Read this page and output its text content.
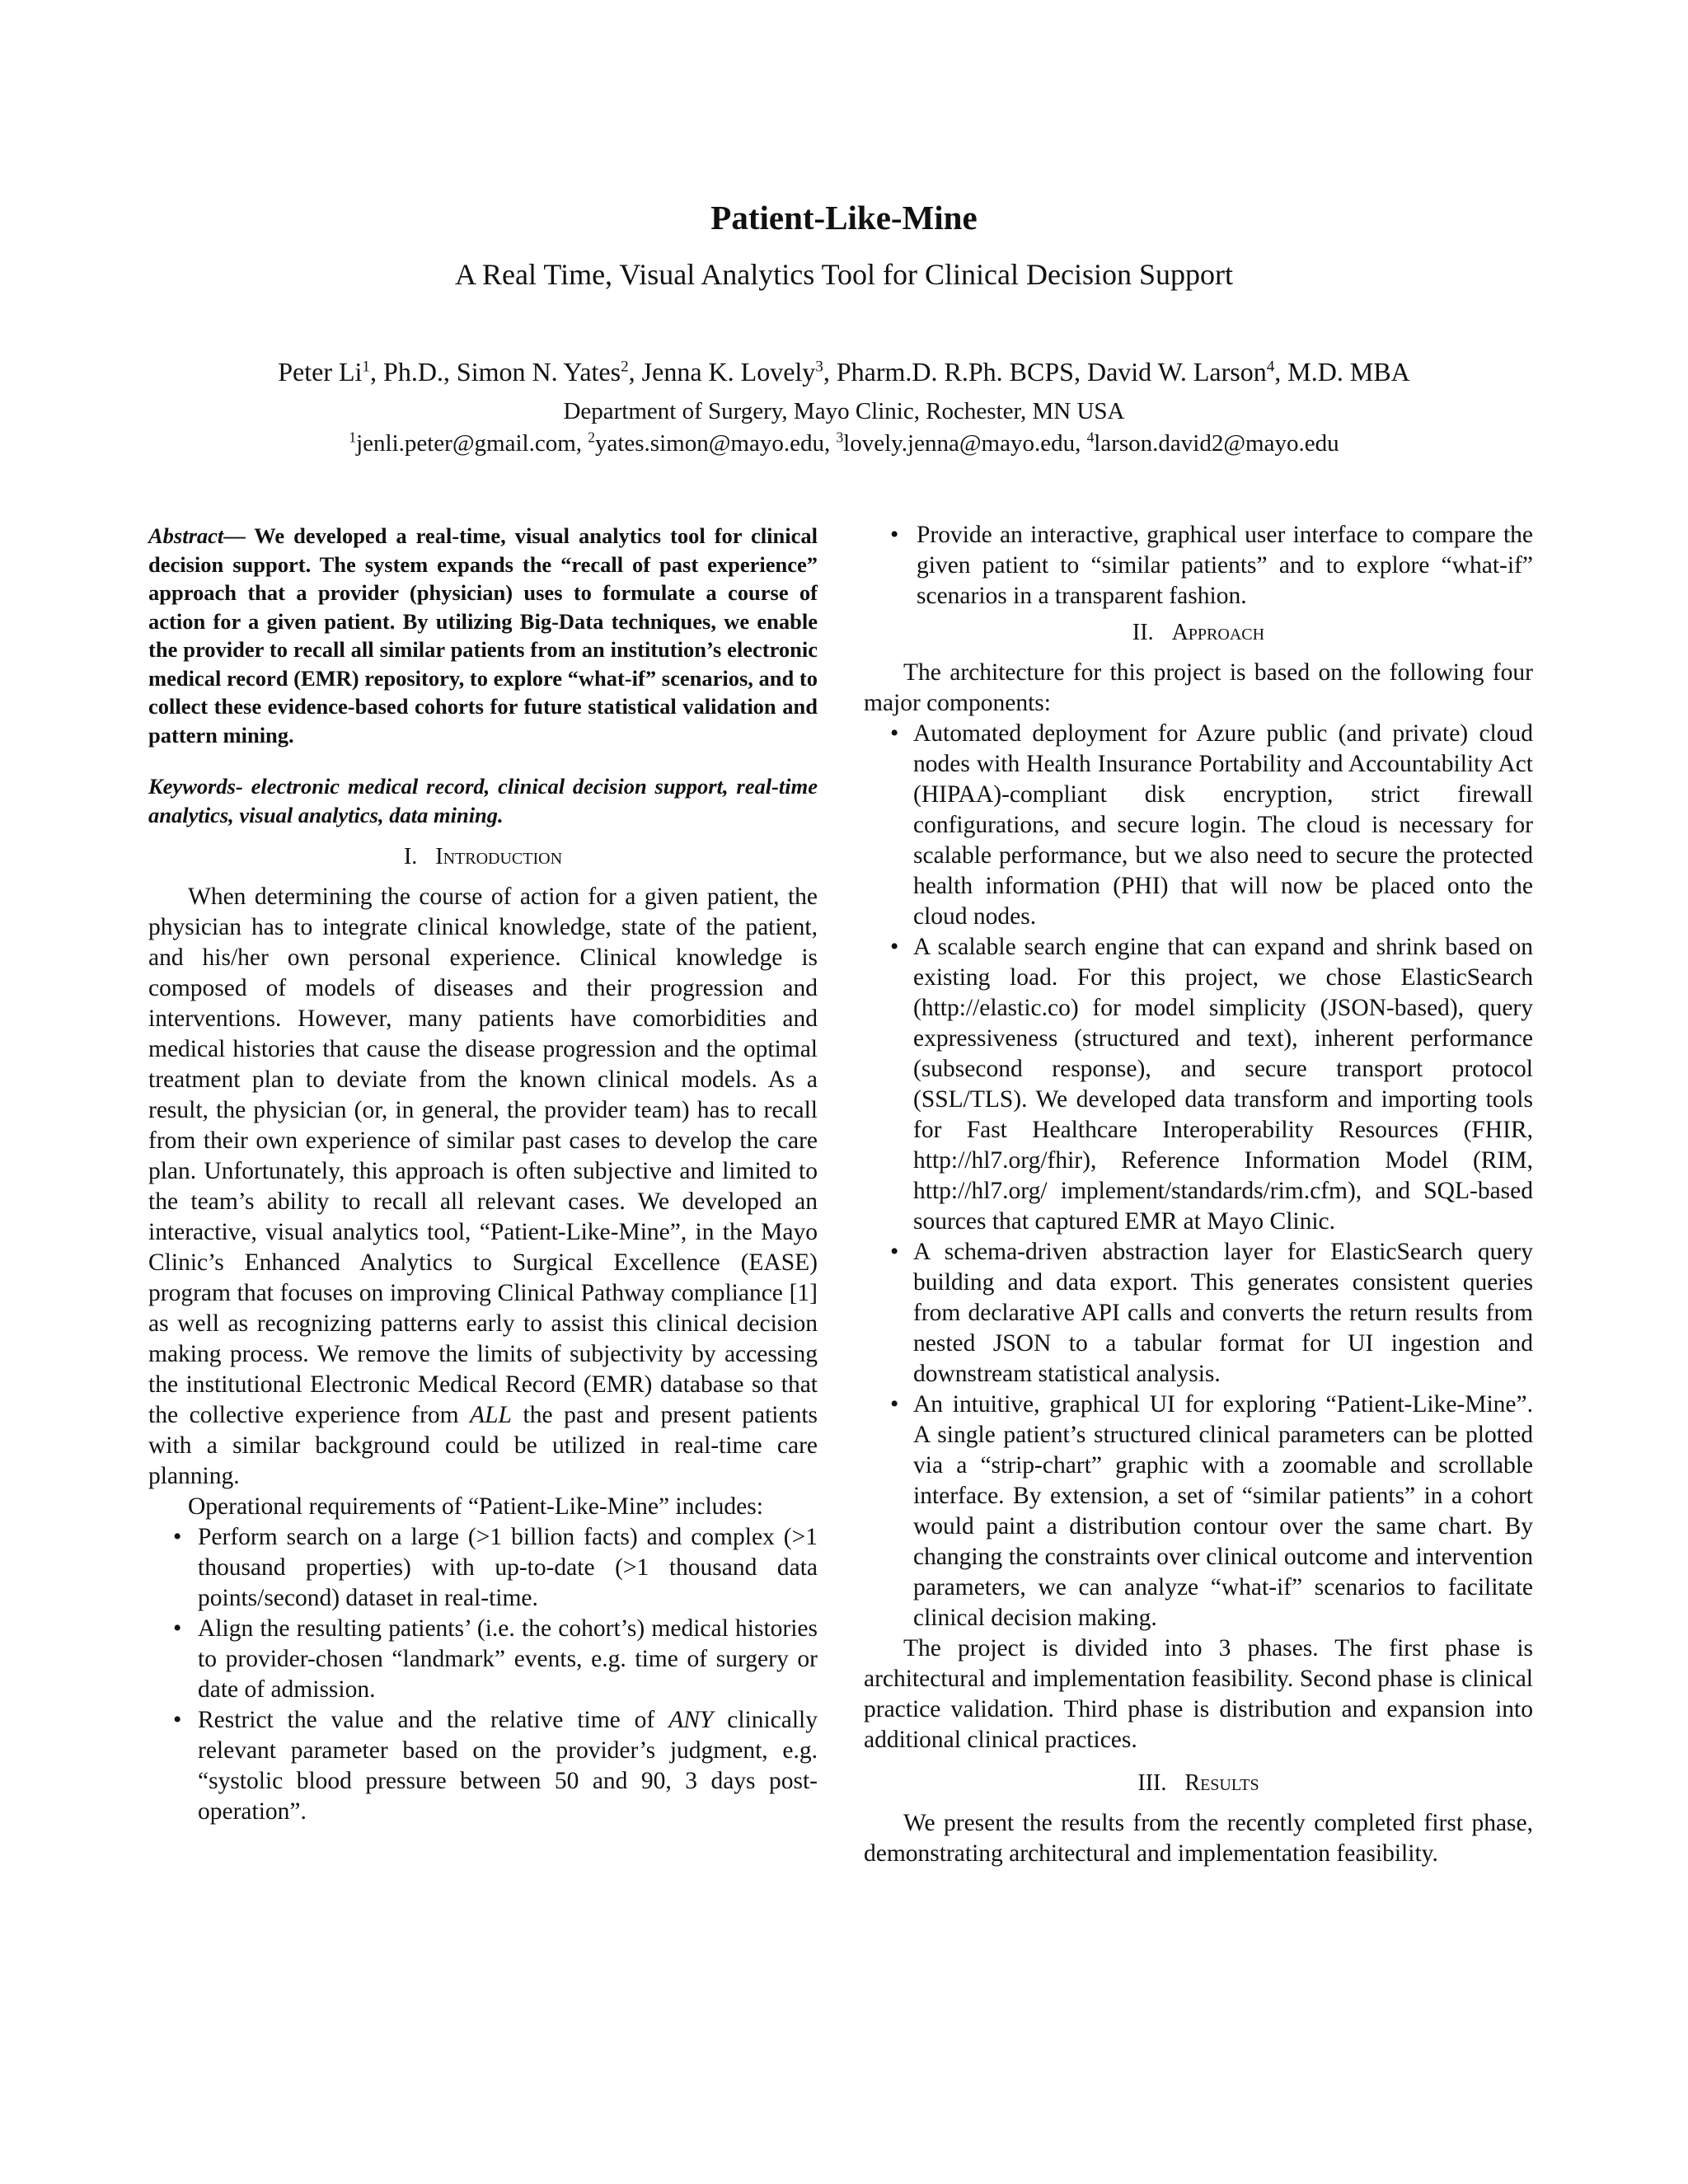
Patient-Like-Mine
A Real Time, Visual Analytics Tool for Clinical Decision Support
Peter Li$^1$, Ph.D., Simon N. Yates$^2$, Jenna K. Lovely$^3$, Pharm.D. R.Ph. BCPS, David W. Larson$^4$, M.D. MBA
Department of Surgery, Mayo Clinic, Rochester, MN USA
$^1$jenli.peter@gmail.com, $^2$yates.simon@mayo.edu, $^3$lovely.jenna@mayo.edu, $^4$larson.david2@mayo.edu

Abstract— We developed a real-time, visual analytics tool for clinical decision support. The system expands the “recall of past experience” approach that a provider (physician) uses to formulate a course of action for a given patient. By utilizing Big-Data techniques, we enable the provider to recall all similar patients from an institution’s electronic medical record (EMR) repository, to explore “what-if” scenarios, and to collect these evidence-based cohorts for future statistical validation and pattern mining.

Keywords- electronic medical record, clinical decision support, real-time analytics, visual analytics, data mining.

I. Introduction

When determining the course of action for a given patient, the physician has to integrate clinical knowledge, state of the patient, and his/her own personal experience. Clinical knowledge is composed of models of diseases and their progression and interventions. However, many patients have comorbidities and medical histories that cause the disease progression and the optimal treatment plan to deviate from the known clinical models. As a result, the physician (or, in general, the provider team) has to recall from their own experience of similar past cases to develop the care plan. Unfortunately, this approach is often subjective and limited to the team’s ability to recall all relevant cases. We developed an interactive, visual analytics tool, “Patient-Like-Mine”, in the Mayo Clinic’s Enhanced Analytics to Surgical Excellence (EASE) program that focuses on improving Clinical Pathway compliance [1] as well as recognizing patterns early to assist this clinical decision making process. We remove the limits of subjectivity by accessing the institutional Electronic Medical Record (EMR) database so that the collective experience from ALL the past and present patients with a similar background could be utilized in real-time care planning.

Operational requirements of “Patient-Like-Mine” includes:

• Perform search on a large (>1 billion facts) and complex (>1 thousand properties) with up-to-date (>1 thousand data points/second) dataset in real-time.
• Align the resulting patients’ (i.e. the cohort’s) medical histories to provider-chosen “landmark” events, e.g. time of surgery or date of admission.
• Restrict the value and the relative time of ANY clinically relevant parameter based on the provider’s judgment, e.g. “systolic blood pressure between 50 and 90, 3 days post-operation”.
• Provide an interactive, graphical user interface to compare the given patient to “similar patients” and to explore “what-if” scenarios in a transparent fashion.
II. Approach

The architecture for this project is based on the following four major components:

• Automated deployment for Azure public (and private) cloud nodes with Health Insurance Portability and Accountability Act (HIPAA)-compliant disk encryption, strict firewall configurations, and secure login. The cloud is necessary for scalable performance, but we also need to secure the protected health information (PHI) that will now be placed onto the cloud nodes.
• A scalable search engine that can expand and shrink based on existing load. For this project, we chose ElasticSearch (http://elastic.co) for model simplicity (JSON-based), query expressiveness (structured and text), inherent performance (subsecond response), and secure transport protocol (SSL/TLS). We developed data transform and importing tools for Fast Healthcare Interoperability Resources (FHIR, http://hl7.org/fhir), Reference Information Model (RIM, http://hl7.org/ implement/standards/rim.cfm), and SQL-based sources that captured EMR at Mayo Clinic.
• A schema-driven abstraction layer for ElasticSearch query building and data export. This generates consistent queries from declarative API calls and converts the return results from nested JSON to a tabular format for UI ingestion and downstream statistical analysis.
• An intuitive, graphical UI for exploring “Patient-Like-Mine”. A single patient’s structured clinical parameters can be plotted via a “strip-chart” graphic with a zoomable and scrollable interface. By extension, a set of “similar patients” in a cohort would paint a distribution contour over the same chart. By changing the constraints over clinical outcome and intervention parameters, we can analyze “what-if” scenarios to facilitate clinical decision making.

The project is divided into 3 phases. The first phase is architectural and implementation feasibility. Second phase is clinical practice validation. Third phase is distribution and expansion into additional clinical practices.

III. Results

We present the results from the recently completed first phase, demonstrating architectural and implementation feasibility.
